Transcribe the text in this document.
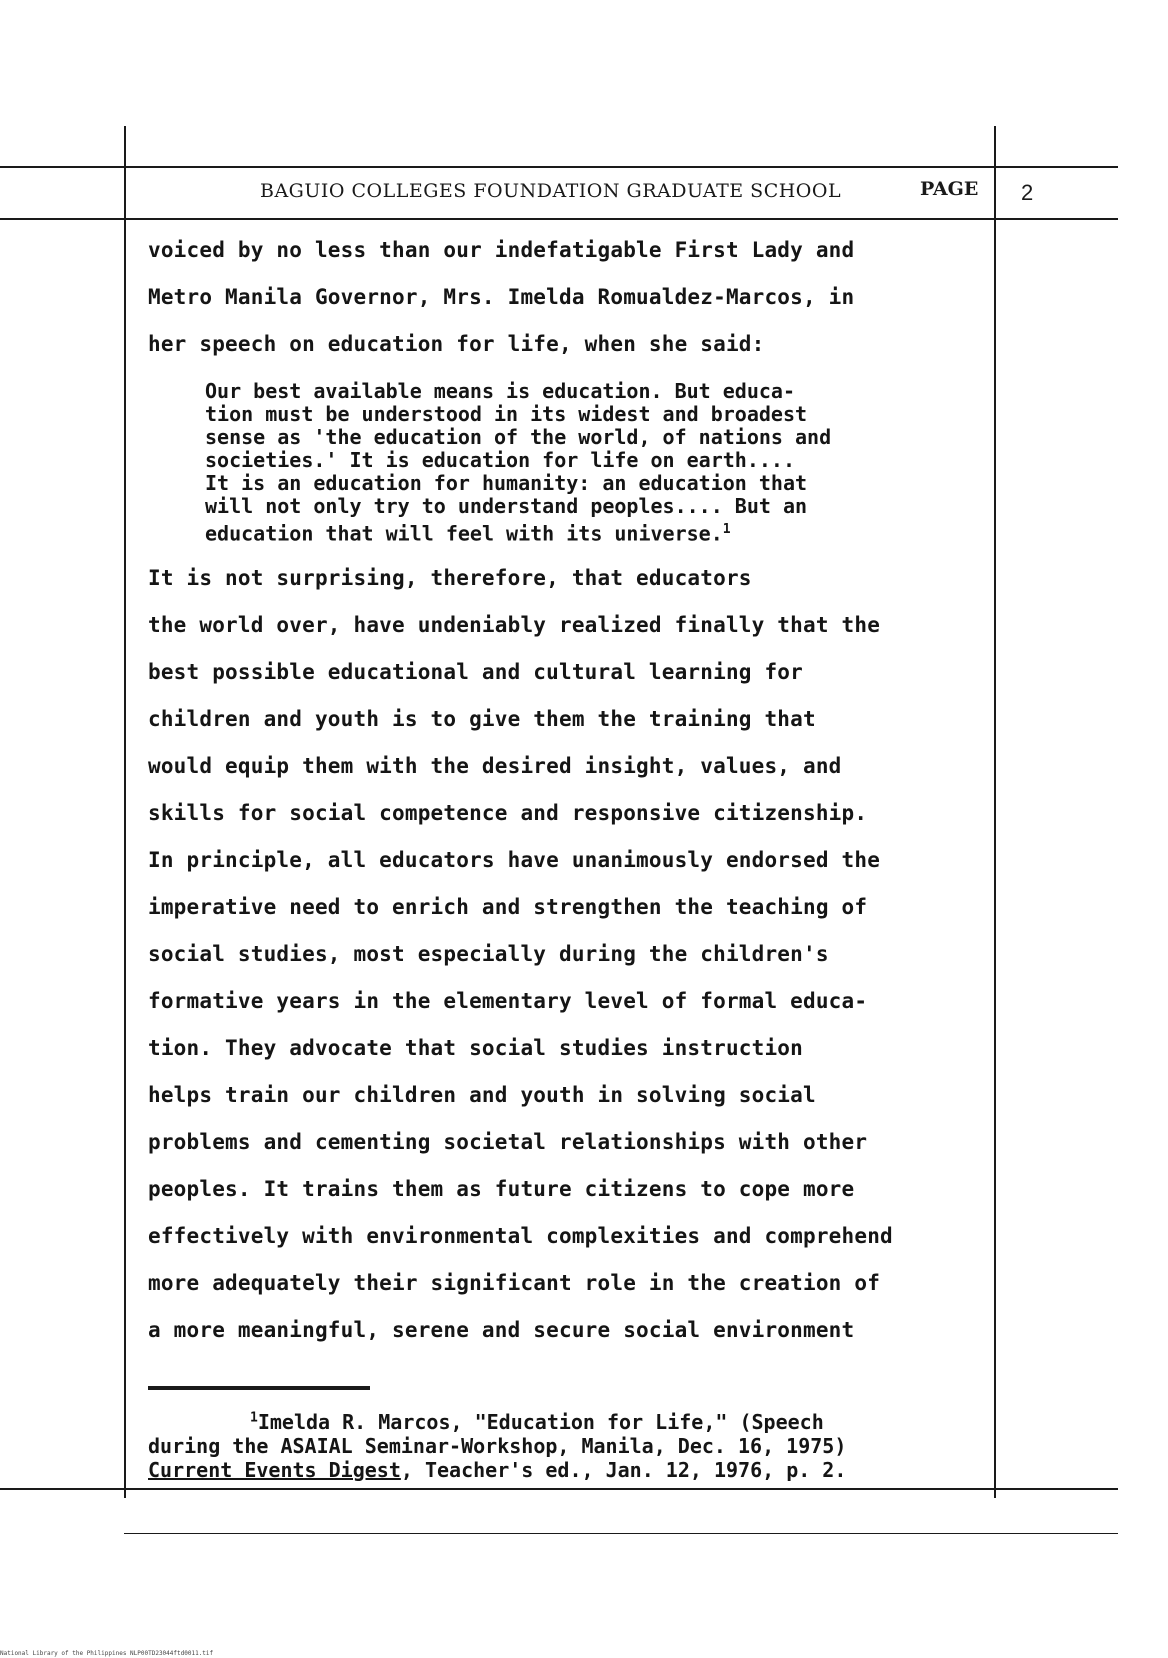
BAGUIO COLLEGES FOUNDATION GRADUATE SCHOOL	PAGE 2
voiced by no less than our indefatigable First Lady and
Metro Manila Governor, Mrs. Imelda Romualdez-Marcos, in
her speech on education for life, when she said:
Our best available means is education. But educa-
tion must be understood in its widest and broadest
sense as 'the education of the world, of nations and
societies.' It is education for life on earth....
It is an education for humanity: an education that
will not only try to understand peoples.... But an
education that will feel with its universe.$^1$
It is not surprising, therefore, that educators
the world over, have undeniably realized finally that the
best possible educational and cultural learning for
children and youth is to give them the training that
would equip them with the desired insight, values, and
skills for social competence and responsive citizenship.
In principle, all educators have unanimously endorsed the
imperative need to enrich and strengthen the teaching of
social studies, most especially during the children's
formative years in the elementary level of formal educa-
tion. They advocate that social studies instruction
helps train our children and youth in solving social
problems and cementing societal relationships with other
peoples. It trains them as future citizens to cope more
effectively with environmental complexities and comprehend
more adequately their significant role in the creation of
a more meaningful, serene and secure social environment
$^1$Imelda R. Marcos, "Education for Life," (Speech
during the ASAIAL Seminar-Workshop, Manila, Dec. 16, 1975)
Current Events Digest, Teacher's ed., Jan. 12, 1976, p. 2.
National Library of the Philippines NLP00TD23044ftd0011.tif
